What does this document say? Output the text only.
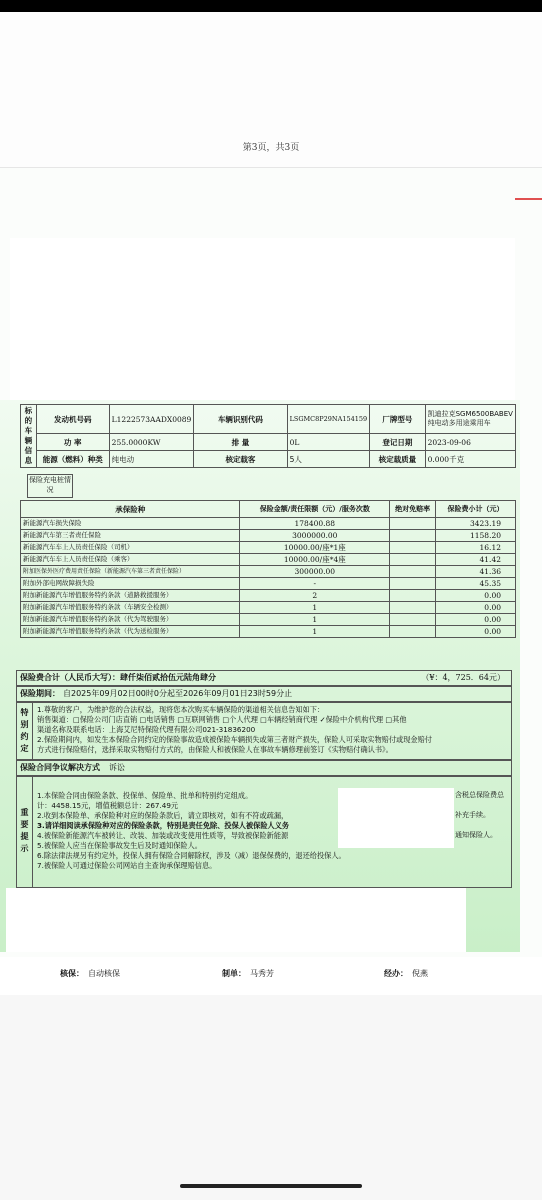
第3页，共3页
标的车辆信息	发动机号码	L1222573AADX0089	车辆识别代码	LSGMC8P29NA154159	厂牌型号	凯迪拉克SGM6500BABEV纯电动多用途乘用车
	功 率	255.0000KW	排 量	0L	登记日期	2023-09-06
	能源（燃料）种类	纯电动	核定载客	5人	核定载质量	0.000千克
保险充电桩情况
承保险种	保险金额/责任限额（元）/服务次数	绝对免赔率	保险费小计（元）
新能源汽车损失保险	178400.88		3423.19
新能源汽车第三者责任保险	3000000.00		1158.20
新能源汽车车上人员责任保险（司机）	10000.00/座*1座		16.12
新能源汽车车上人员责任保险（乘客）	10000.00/座*4座		41.42
附加医保外医疗费用责任保险（新能源汽车第三者责任保险）	300000.00		41.36
附加外部电网故障损失险	-		45.35
附加新能源汽车增值服务特约条款（道路救援服务）	2		0.00
附加新能源汽车增值服务特约条款（车辆安全检测）	1		0.00
附加新能源汽车增值服务特约条款（代为驾驶服务）	1		0.00
附加新能源汽车增值服务特约条款（代为送检服务）	1		0.00
保险费合计（人民币大写）：肆仟柒佰贰拾伍元陆角肆分	（¥：4，725．64元）
保险期间： 自2025年09月02日00时0分起至2026年09月01日23时59分止
特别约定
1.尊敬的客户，为维护您的合法权益，现将您本次购买车辆保险的渠道相关信息告知如下：
销售渠道：□保险公司门店直销 □电话销售 □互联网销售 □个人代理 □车辆经销商代理 ✓保险中介机构代理 □其他
渠道名称及联系电话：上海艾尼特保险代理有限公司021-31836200
2.保险期间内，如发生本保险合同约定的保险事故造成被保险车辆损失或第三者财产损失，保险人可采取实物赔付或现金赔付
方式进行保险赔付，选择采取实物赔付方式的，由保险人和被保险人在事故车辆修理前签订《实物赔付确认书》。
保险合同争议解决方式 诉讼
重要提示
1.本保险合同由保险条款、投保单、保险单、批单和特别约定组成。
计：4458.15元，增值税额总计：267.49元
2.收到本保险单、承保险种对应的保险条款后，请立即核对，如有不符或疏漏，
3.请详细阅读承保险种对应的保险条款，特别是责任免除、投保人被保险人义务
4.被保险新能源汽车被转让、改装、加装或改变使用性质等，导致被保险新能源
5.被保险人应当在保险事故发生后及时通知保险人。
6.除法律法规另有约定外，投保人拥有保险合同解除权，涉及（减）退保保费的，退还给投保人。
7.被保险人可通过保险公司网站自主查询承保理赔信息。
含税总保险费总
补充手续。
通知保险人。
核保： 自动核保	制单： 马秀芳	经办： 倪燕
